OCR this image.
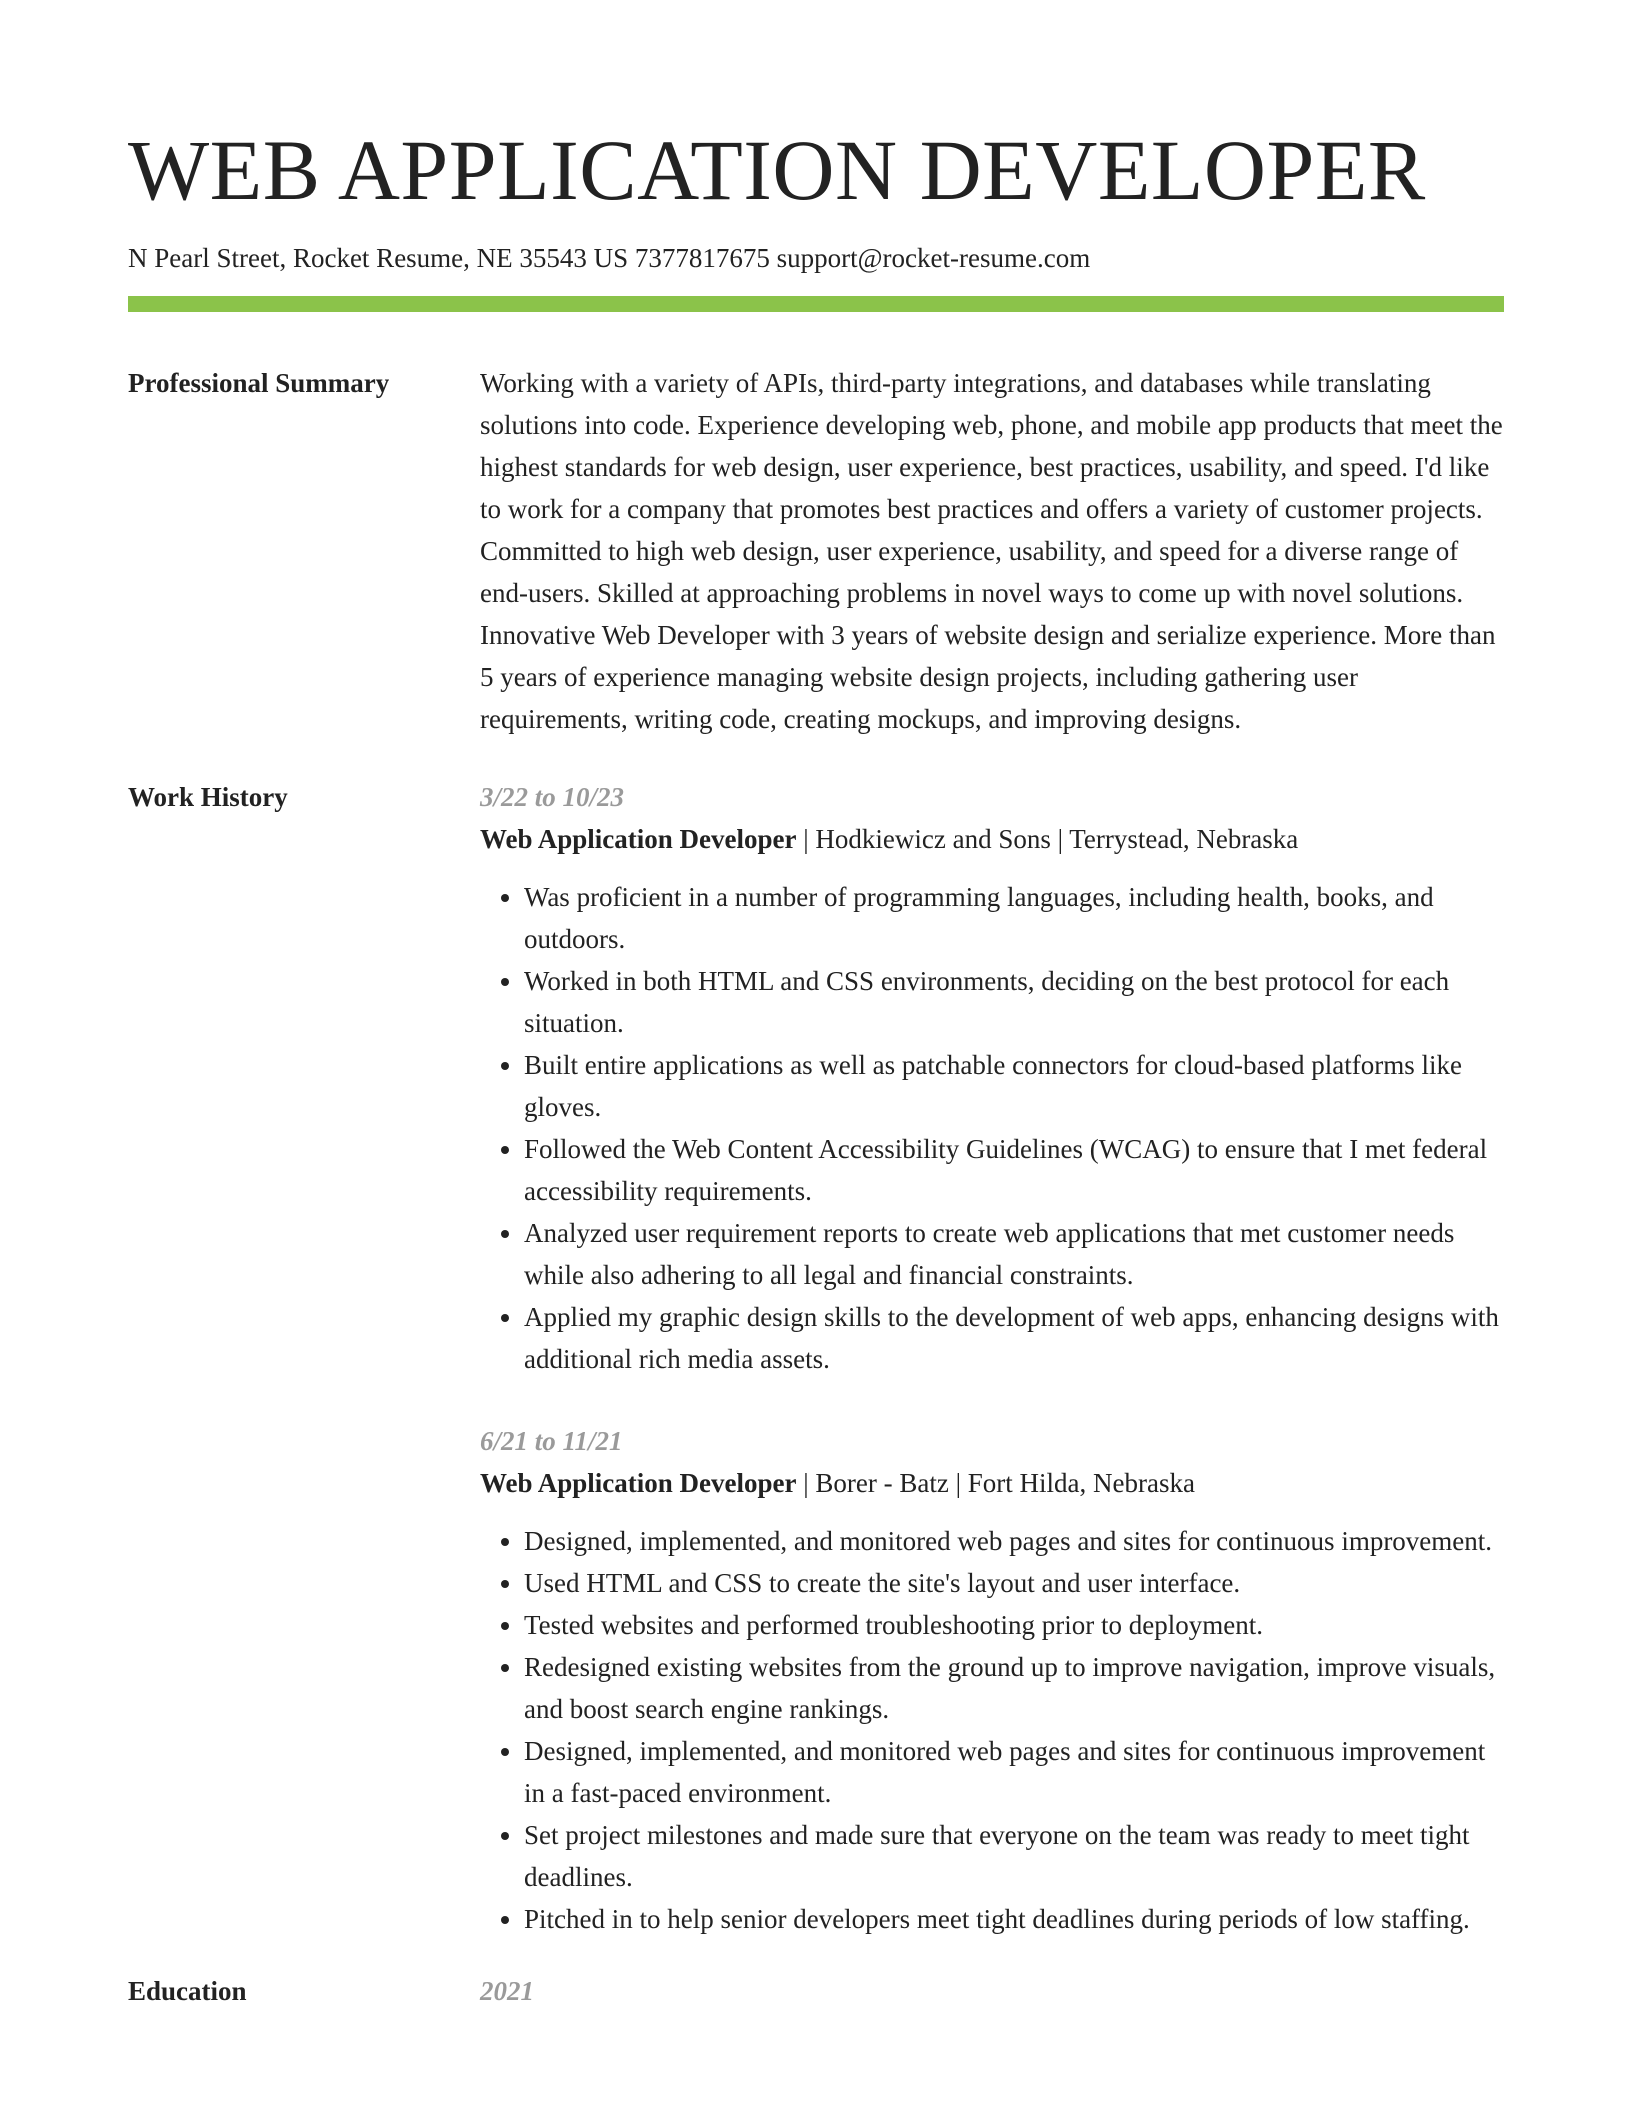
WEB APPLICATION DEVELOPER
N Pearl Street, Rocket Resume, NE 35543 US 7377817675 support@rocket-resume.com
Professional Summary	Working with a variety of APIs, third-party integrations, and databases while translating solutions into code. Experience developing web, phone, and mobile app products that meet the highest standards for web design, user experience, best practices, usability, and speed. I'd like to work for a company that promotes best practices and offers a variety of customer projects. Committed to high web design, user experience, usability, and speed for a diverse range of end-users. Skilled at approaching problems in novel ways to come up with novel solutions. Innovative Web Developer with 3 years of website design and serialize experience. More than 5 years of experience managing website design projects, including gathering user requirements, writing code, creating mockups, and improving designs.
Work History	3/22 to 10/23
Web Application Developer | Hodkiewicz and Sons | Terrystead, Nebraska
• Was proficient in a number of programming languages, including health, books, and outdoors.
• Worked in both HTML and CSS environments, deciding on the best protocol for each situation.
• Built entire applications as well as patchable connectors for cloud-based platforms like gloves.
• Followed the Web Content Accessibility Guidelines (WCAG) to ensure that I met federal accessibility requirements.
• Analyzed user requirement reports to create web applications that met customer needs while also adhering to all legal and financial constraints.
• Applied my graphic design skills to the development of web apps, enhancing designs with additional rich media assets.
6/21 to 11/21
Web Application Developer | Borer - Batz | Fort Hilda, Nebraska
• Designed, implemented, and monitored web pages and sites for continuous improvement.
• Used HTML and CSS to create the site's layout and user interface.
• Tested websites and performed troubleshooting prior to deployment.
• Redesigned existing websites from the ground up to improve navigation, improve visuals, and boost search engine rankings.
• Designed, implemented, and monitored web pages and sites for continuous improvement in a fast-paced environment.
• Set project milestones and made sure that everyone on the team was ready to meet tight deadlines.
• Pitched in to help senior developers meet tight deadlines during periods of low staffing.
Education	2021
